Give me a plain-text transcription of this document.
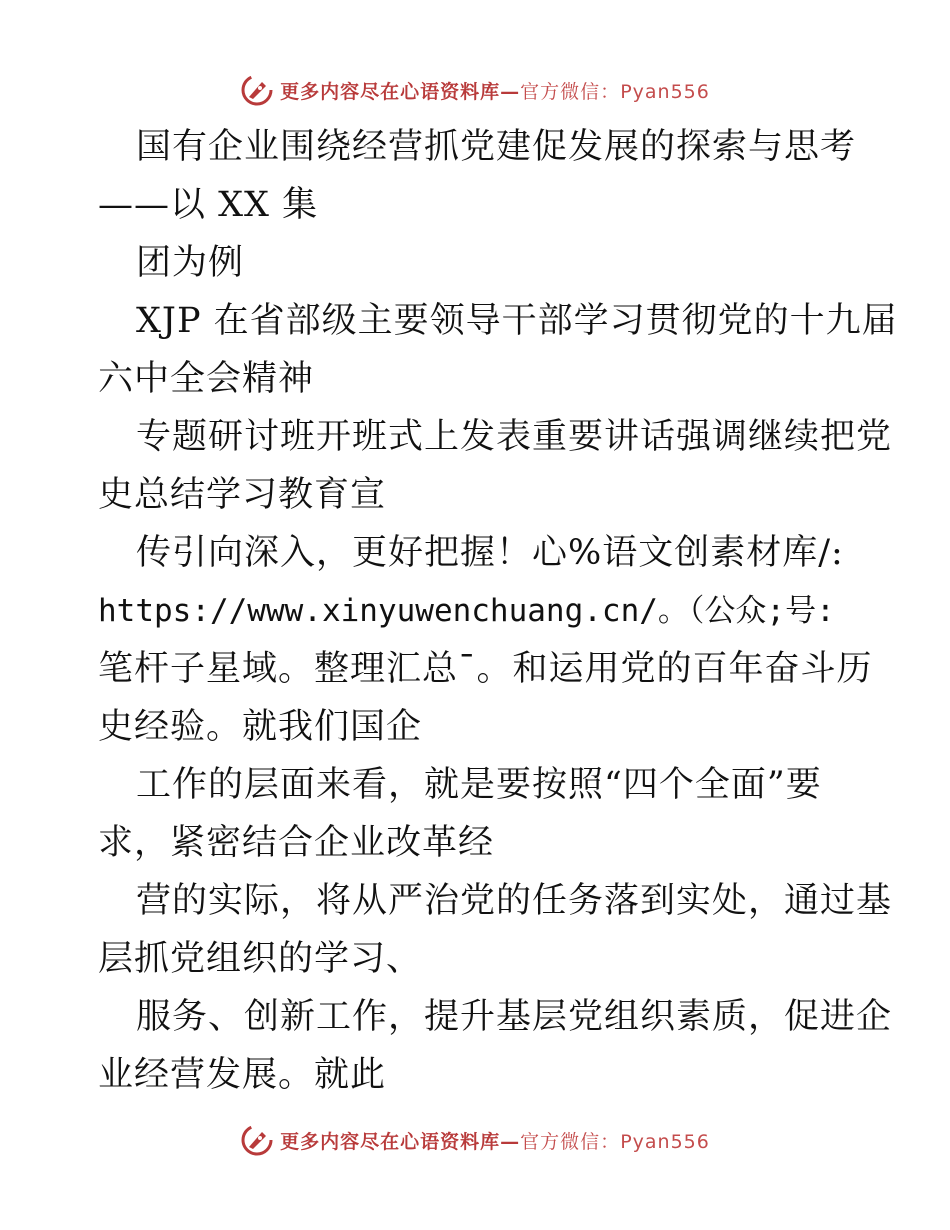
更多内容尽在心语资料库—官方微信：Pyan556
国有企业围绕经营抓党建促发展的探索与思考
——以 XX 集
团为例
XJP 在省部级主要领导干部学习贯彻党的十九届
六中全会精神
专题研讨班开班式上发表重要讲话强调继续把党
史总结学习教育宣
传引向深入，更好把握！心%语文创素材库/:
https://www.xinyuwenchuang.cn/。（公众;号:
笔杆子星域。整理汇总¯。和运用党的百年奋斗历
史经验。就我们国企
工作的层面来看，就是要按照“四个全面”要
求，紧密结合企业改革经
营的实际，将从严治党的任务落到实处，通过基
层抓党组织的学习、
服务、创新工作，提升基层党组织素质，促进企
业经营发展。就此
更多内容尽在心语资料库—官方微信：Pyan556
